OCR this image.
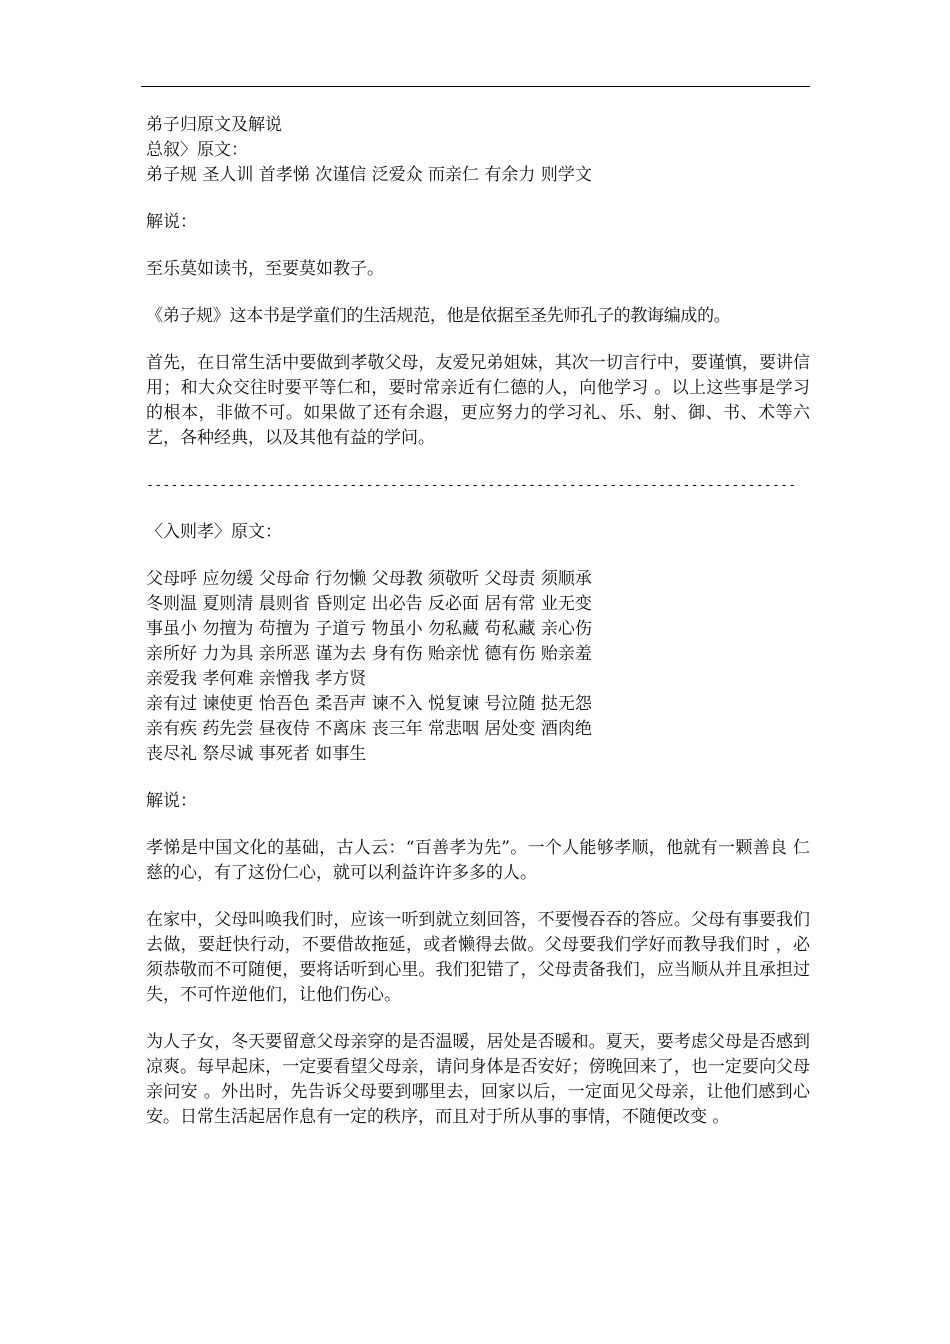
弟子归原文及解说
总叙〉原文：
弟子规 圣人训 首孝悌 次谨信 泛爱众 而亲仁 有余力 则学文
解说：
至乐莫如读书，至要莫如教子。
《弟子规》这本书是学童们的生活规范，他是依据至圣先师孔子的教诲编成的。
首先，在日常生活中要做到孝敬父母，友爱兄弟姐妹，其次一切言行中，要谨慎，要讲信用；和大众交往时要平等仁和，要时常亲近有仁德的人，向他学习 。以上这些事是学习的根本，非做不可。如果做了还有余遐，更应努力的学习礼、乐、射、御、书、术等六艺，各种经典，以及其他有益的学问。
--------------------------------------------------------------------------------
〈入则孝〉原文：
父母呼 应勿缓 父母命 行勿懒 父母教 须敬听 父母责 须顺承
冬则温 夏则清 晨则省 昏则定 出必告 反必面 居有常 业无变
事虽小 勿擅为 苟擅为 子道亏 物虽小 勿私藏 苟私藏 亲心伤
亲所好 力为具 亲所恶 谨为去 身有伤 贻亲忧 德有伤 贻亲羞
亲爱我 孝何难 亲憎我 孝方贤
亲有过 谏使更 怡吾色 柔吾声 谏不入 悦复谏 号泣随 挞无怨
亲有疾 药先尝 昼夜侍 不离床 丧三年 常悲咽 居处变 酒肉绝
丧尽礼 祭尽诚 事死者 如事生
解说：
孝悌是中国文化的基础，古人云：“百善孝为先”。一个人能够孝顺，他就有一颗善良 仁慈的心，有了这份仁心，就可以利益许许多多的人。
在家中，父母叫唤我们时，应该一听到就立刻回答，不要慢吞吞的答应。父母有事要我们去做，要赶快行动，不要借故拖延，或者懒得去做。父母要我们学好而教导我们时 ，必须恭敬而不可随便，要将话听到心里。我们犯错了，父母责备我们，应当顺从并且承担过失，不可忤逆他们，让他们伤心。
为人子女，冬天要留意父母亲穿的是否温暖，居处是否暖和。夏天，要考虑父母是否感到凉爽。每早起床，一定要看望父母亲，请问身体是否安好；傍晚回来了，也一定要向父母亲问安 。外出时，先告诉父母要到哪里去，回家以后，一定面见父母亲，让他们感到心安。日常生活起居作息有一定的秩序，而且对于所从事的事情，不随便改变 。
